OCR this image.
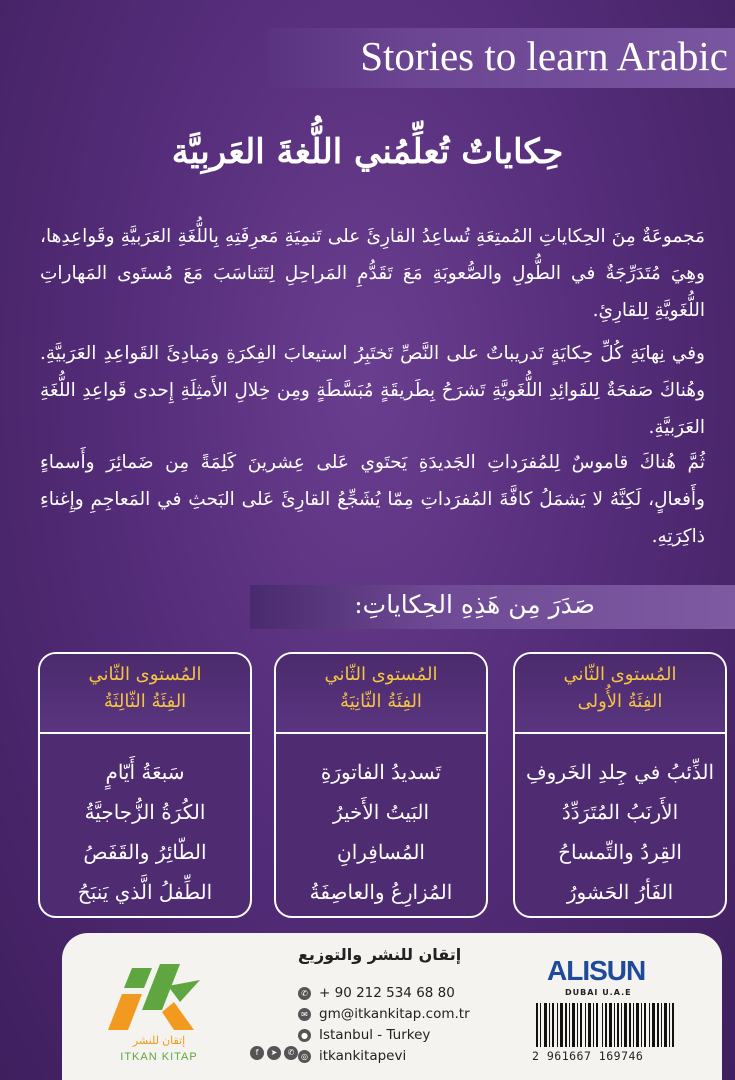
Stories to learn Arabic
حِكاياتٌ تُعلِّمُني اللُّغةَ العَربِيَّة
مَجموعَةٌ مِنَ الحِكاياتِ المُمتِعَةِ تُساعِدُ القارِئَ على تَنمِيَةِ مَعرِفَتِهِ بِاللُّغَةِ العَرَبيَّةِ وقَواعِدِها، وهِيَ مُتَدَرِّجَةٌ في الطُّولِ والصُّعوبَةِ مَعَ تَقَدُّمِ المَراحِلِ لِتَتَناسَبَ مَعَ مُستَوى المَهاراتِ اللُّغَويَّةِ لِلقارِئِ.
وفي نِهايَةِ كُلِّ حِكايَةٍ تَدريباتٌ على النَّصِّ تَختَبِرُ استيعابَ الفِكرَةِ ومَبادِئَ القَواعِدِ العَرَبيَّةِ. وهُناكَ صَفحَةٌ لِلفَوائِدِ اللُّغَويَّةِ تَشرَحُ بِطَريقَةٍ مُبَسَّطَةٍ ومِن خِلالِ الأَمثِلَةِ إِحدى قَواعِدِ اللُّغَةِ العَرَبيَّةِ.
ثُمَّ هُناكَ قاموسٌ لِلمُفرَداتِ الجَديدَةِ يَحتَوي عَلى عِشرينَ كَلِمَةً مِن ضَمائِرَ وأَسماءٍ وأَفعالٍ، لَكِنَّهُ لا يَشمَلُ كافَّةَ المُفرَداتِ مِمّا يُشَجِّعُ القارِئَ عَلى البَحثِ في المَعاجِمِ وإِغناءِ ذاكِرَتِهِ.
صَدَرَ مِن هَذِهِ الحِكاياتِ:
المُستوى الثّاني
الفِئَةُ الأُولى
الذِّئبُ في جِلدِ الخَروفِ
الأَرنَبُ المُتَرَدِّدُ
القِردُ والتِّمساحُ
الفَأرُ الحَشورُ
المُستوى الثّاني
الفِئَةُ الثّانِيَةُ
تَسديدُ الفاتورَةِ
البَيتُ الأَخيرُ
المُسافِرانِ
المُزارِعُ والعاصِفَةُ
المُستوى الثّاني
الفِئَةُ الثّالِثَةُ
سَبعَةُ أَيّامٍ
الكُرَةُ الزُّجاجيَّةُ
الطّائِرُ والقَفَصُ
الطِّفلُ الَّذي يَنبَحُ
إتقان للنشر
ITKAN KITAP
إتقان للنشر والتوزيع
✆ + 90 212 534 68 80
✉ gm@itkankitap.com.tr
● Istanbul - Turkey
◎ itkankitapevi
f	➤	✆
ALISUN
DUBAI U.A.E
2 961667 169746
